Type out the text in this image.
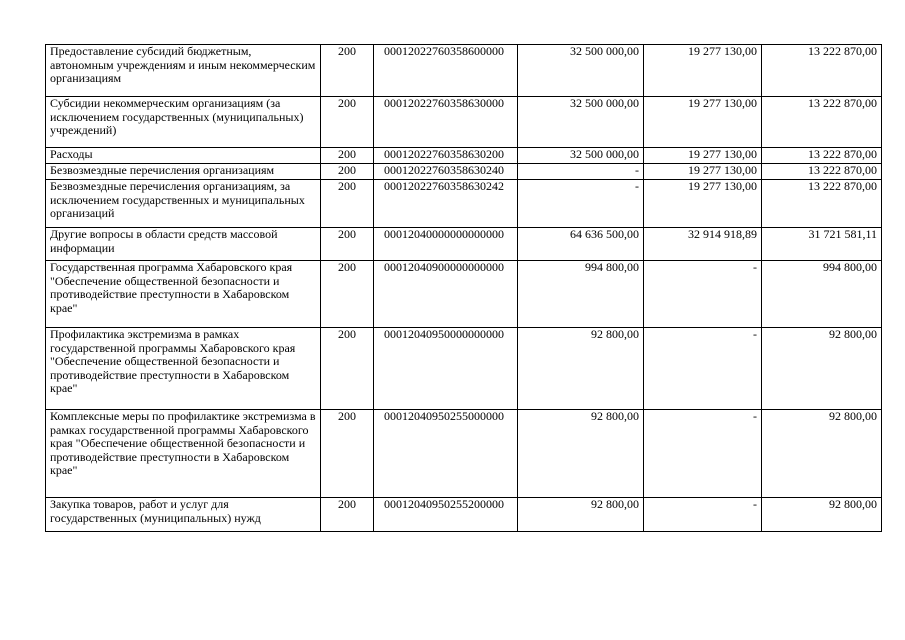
Предоставление субсидий бюджетным, автономным учреждениям и иным некоммерческим организациям	200	00012022760358600000	32 500 000,00	19 277 130,00	13 222 870,00
Субсидии некоммерческим организациям (за исключением государственных (муниципальных) учреждений)	200	00012022760358630000	32 500 000,00	19 277 130,00	13 222 870,00
Расходы	200	00012022760358630200	32 500 000,00	19 277 130,00	13 222 870,00
Безвозмездные перечисления организациям	200	00012022760358630240	-	19 277 130,00	13 222 870,00
Безвозмездные перечисления организациям, за исключением государственных и муниципальных организаций	200	00012022760358630242	-	19 277 130,00	13 222 870,00
Другие вопросы в области средств массовой информации	200	00012040000000000000	64 636 500,00	32 914 918,89	31 721 581,11
Государственная программа Хабаровского края "Обеспечение общественной безопасности и противодействие преступности в Хабаровском крае"	200	00012040900000000000	994 800,00	-	994 800,00
Профилактика экстремизма в рамках государственной программы Хабаровского края "Обеспечение общественной безопасности и противодействие преступности в Хабаровском крае"	200	00012040950000000000	92 800,00	-	92 800,00
Комплексные меры по профилактике экстремизма в рамках государственной программы Хабаровского края "Обеспечение общественной безопасности и противодействие преступности в Хабаровском крае"	200	00012040950255000000	92 800,00	-	92 800,00
Закупка товаров, работ и услуг для государственных (муниципальных) нужд	200	00012040950255200000	92 800,00	-	92 800,00
